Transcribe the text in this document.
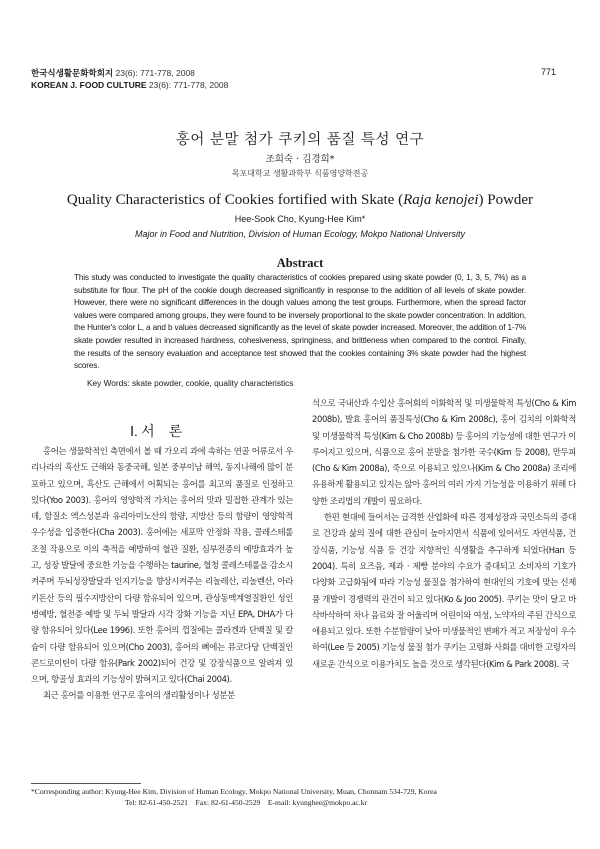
한국식생활문화학회지 23(6): 771-778, 2008
KOREAN J. FOOD CULTURE 23(6): 771-778, 2008
771
홍어 분말 첨가 쿠키의 품질 특성 연구
조희숙 · 김경희*
목포대학교 생활과학부 식품영양학전공
Quality Characteristics of Cookies fortified with Skate (Raja kenojei) Powder
Hee-Sook Cho, Kyung-Hee Kim*
Major in Food and Nutrition, Division of Human Ecology, Mokpo National University
Abstract
This study was conducted to investigate the quality characteristics of cookies prepared using skate powder (0, 1, 3, 5, 7%) as a substitute for flour. The pH of the cookie dough decreased significantly in response to the addition of all levels of skate powder. However, there were no significant differences in the dough values among the test groups. Furthermore, when the spread factor values were compared among groups, they were found to be inversely proportional to the skate powder concentration. In addition, the Hunter's color L, a and b values decreased significantly as the level of skate powder increased. Moreover, the addition of 1-7% skate powder resulted in increased hardness, cohesiveness, springiness, and brittleness when compared to the control. Finally, the results of the sensory evaluation and acceptance test showed that the cookies containing 3% skate powder had the highest scores.
Key Words: skate powder, cookie, quality characteristics
Ⅰ. 서　론

홍어는 생물학적인 측면에서 볼 때 가오리 과에 속하는 연골 어류로서 우리나라의 흑산도 근해와 동중국해, 일본 중부이남 해역, 동지나해에 많이 분포하고 있으며, 흑산도 근해에서 어획되는 홍어를 최고의 품질로 인정하고 있다(Yoo 2003). 홍어의 영양학적 가치는 홍어의 맛과 밀접한 관계가 있는데, 함질소 엑스성분과 유리아미노산의 함량, 지방산 등의 함량이 영양학적 우수성을 입증한다(Cha 2003). 홍어에는 세포막 안정화 작용, 콜레스테롤 조절 작용으로 이의 축적을 예방하여 혈관 질환, 심부전증의 예방효과가 높고, 성장 발달에 중요한 기능을 수행하는 taurine, 혈청 콜레스테롤을 감소시켜주며 두뇌성장발달과 인지기능을 향상시켜주는 리놀레산, 리놀렌산, 아라키돈산 등의 필수지방산이 다량 함유되어 있으며, 관상동맥계열질환인 성인병예방, 혈전증 예방 및 두뇌 발달과 시각 강화 기능을 지닌 EPA, DHA가 다량 함유되어 있다(Lee 1996). 또한 홍어의 껍질에는 콜라겐과 단백질 및 칼슘이 다량 함유되어 있으며(Cho 2003), 홍어의 뼈에는 뮤코다당 단백질인 콘드로이틴이 다량 함유(Park 2002)되어 건강 및 강장식품으로 알려져 있으며, 항골성 효과의 기능성이 밝혀지고 있다(Chai 2004).

최근 홍어를 이용한 연구로 홍어의 생리활성이나 성분분

석으로 국내산과 수입산 홍어회의 이화학적 및 미생물학적 특성(Cho & Kim 2008b), 발효 홍어의 품질특성(Cho & Kim 2008c), 홍어 김치의 이화학적 및 미생물학적 특성(Kim & Cho 2008b) 등 홍어의 기능성에 대한 연구가 이루어지고 있으며, 식품으로 홍어 분말을 첨가한 국수(Kim 등 2008), 만두피(Cho & Kim 2008a), 죽으로 이용되고 있으나(Kim & Cho 2008a) 조리에 유용하게 활용되고 있지는 않아 홍어의 여러 가지 기능성을 이용하기 위해 다양한 조리법의 개발이 필요하다.

한편 현대에 들어서는 급격한 산업화에 따른 경제성장과 국민소득의 증대로 건강과 삶의 질에 대한 관심이 높아지면서 식품에 있어서도 자연식품, 건강식품, 기능성 식품 등 건강 지향적인 식생활을 추구하게 되었다(Han 등 2004). 특히 요즈음, 제과 · 제빵 분야의 수요가 증대되고 소비자의 기호가 다양화 고급화됨에 따라 기능성 물질을 첨가하여 현대인의 기호에 맞는 신제품 개발이 경쟁력의 관건이 되고 있다(Ko & Joo 2005). 쿠키는 맛이 달고 바삭바삭하여 차나 음료와 잘 어울리며 어린이와 여성, 노약자의 주된 간식으로 애용되고 있다. 또한 수분함량이 낮아 미생물적인 변패가 적고 저장성이 우수하여(Lee 등 2005) 기능성 물질 첨가 쿠키는 고령화 사회를 대비한 고령자의 새로운 간식으로 이용가치도 높을 것으로 생각된다(Kim & Park 2008). 국

*Corresponding author: Kyung-Hee Kim, Division of Human Ecology, Mokpo National University, Muan, Chonnam 534-729, Korea
Tel: 82-61-450-2521　Fax: 82-61-450-2529　E-mail: kyunghee@mokpo.ac.kr
